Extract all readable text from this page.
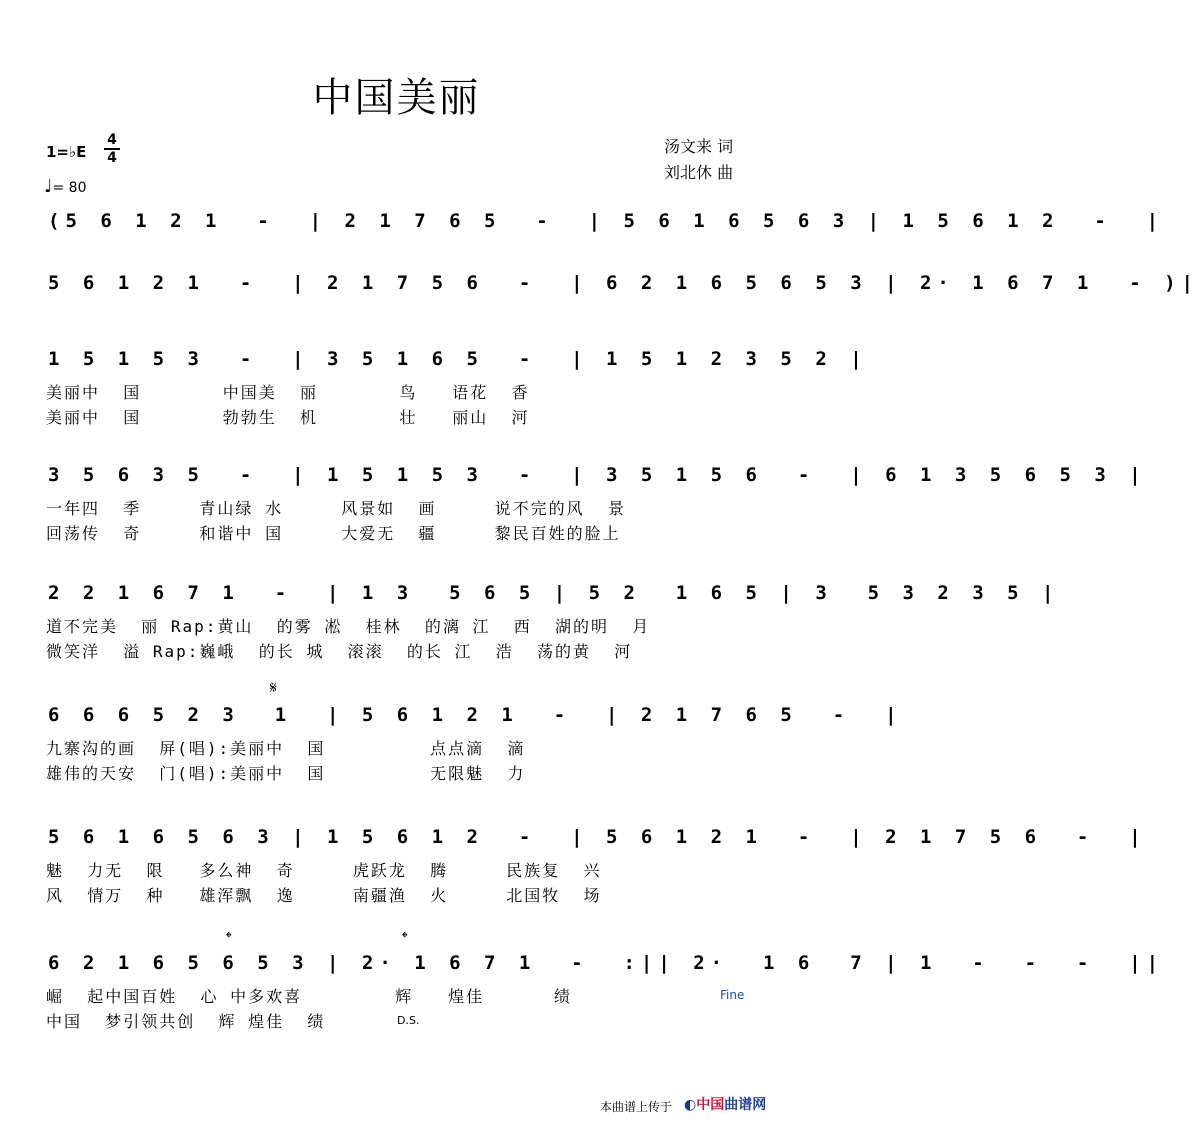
中国美丽
汤文来 词
刘北休 曲
1=♭E
4
4
♩= 80
(5 6 1 2 1  -  | 2 1 7 6 5  -  | 5 6 1 6 5 6 3 | 1 5 6 1 2  -  |
5 6 1 2 1  -  | 2 1 7 5 6  -  | 6 2 1 6 5 6 5 3 | 2· 1 6 7 1  - )|
1 5 1 5 3  -  | 3 5 1 6 5  -  | 1 5 1 2 3 5 2 |
美丽中  国       中国美  丽       鸟   语花  香
美丽中  国       勃勃生  机       壮   丽山  河
3 5 6 3 5  -  | 1 5 1 5 3  -  | 3 5 1 5 6  -  | 6 1 3 5 6 5 3 |
一年四  季     青山绿 水     风景如  画     说不完的风  景
回荡传  奇     和谐中 国     大爱无  疆     黎民百姓的脸上
2 2 1 6 7 1  -  | 1 3  5 6 5 | 5 2  1 6 5 | 3  5 3 2 3 5 |
道不完美  丽 Rap:黄山  的雾 凇  桂林  的漓 江  西  湖的明  月
微笑洋  溢 Rap:巍峨  的长 城  滚滚  的长 江  浩  荡的黄  河
𝄋
6 6 6 5 2 3  1  | 5 6 1 2 1  -  | 2 1 7 6 5  -  |
九寨沟的画  屏(唱):美丽中  国         点点滴  滴
雄伟的天安  门(唱):美丽中  国         无限魅  力
5 6 1 6 5 6 3 | 1 5 6 1 2  -  | 5 6 1 2 1  -  | 2 1 7 5 6  -  |
魅  力无  限   多么神  奇     虎跃龙  腾     民族复  兴
风  情万  种   雄浑飘  逸     南疆渔  火     北国牧  场
𝄌	𝄌
6 2 1 6 5 6 5 3 | 2· 1 6 7 1  -  :|| 2·  1 6  7 | 1  -  -  -  ||
崛  起中国百姓  心 中多欢喜        辉   煌佳      绩
中国  梦引领共创  辉 煌佳  绩
Fine
D.S.
本曲谱上传于 ◐中国曲谱网
